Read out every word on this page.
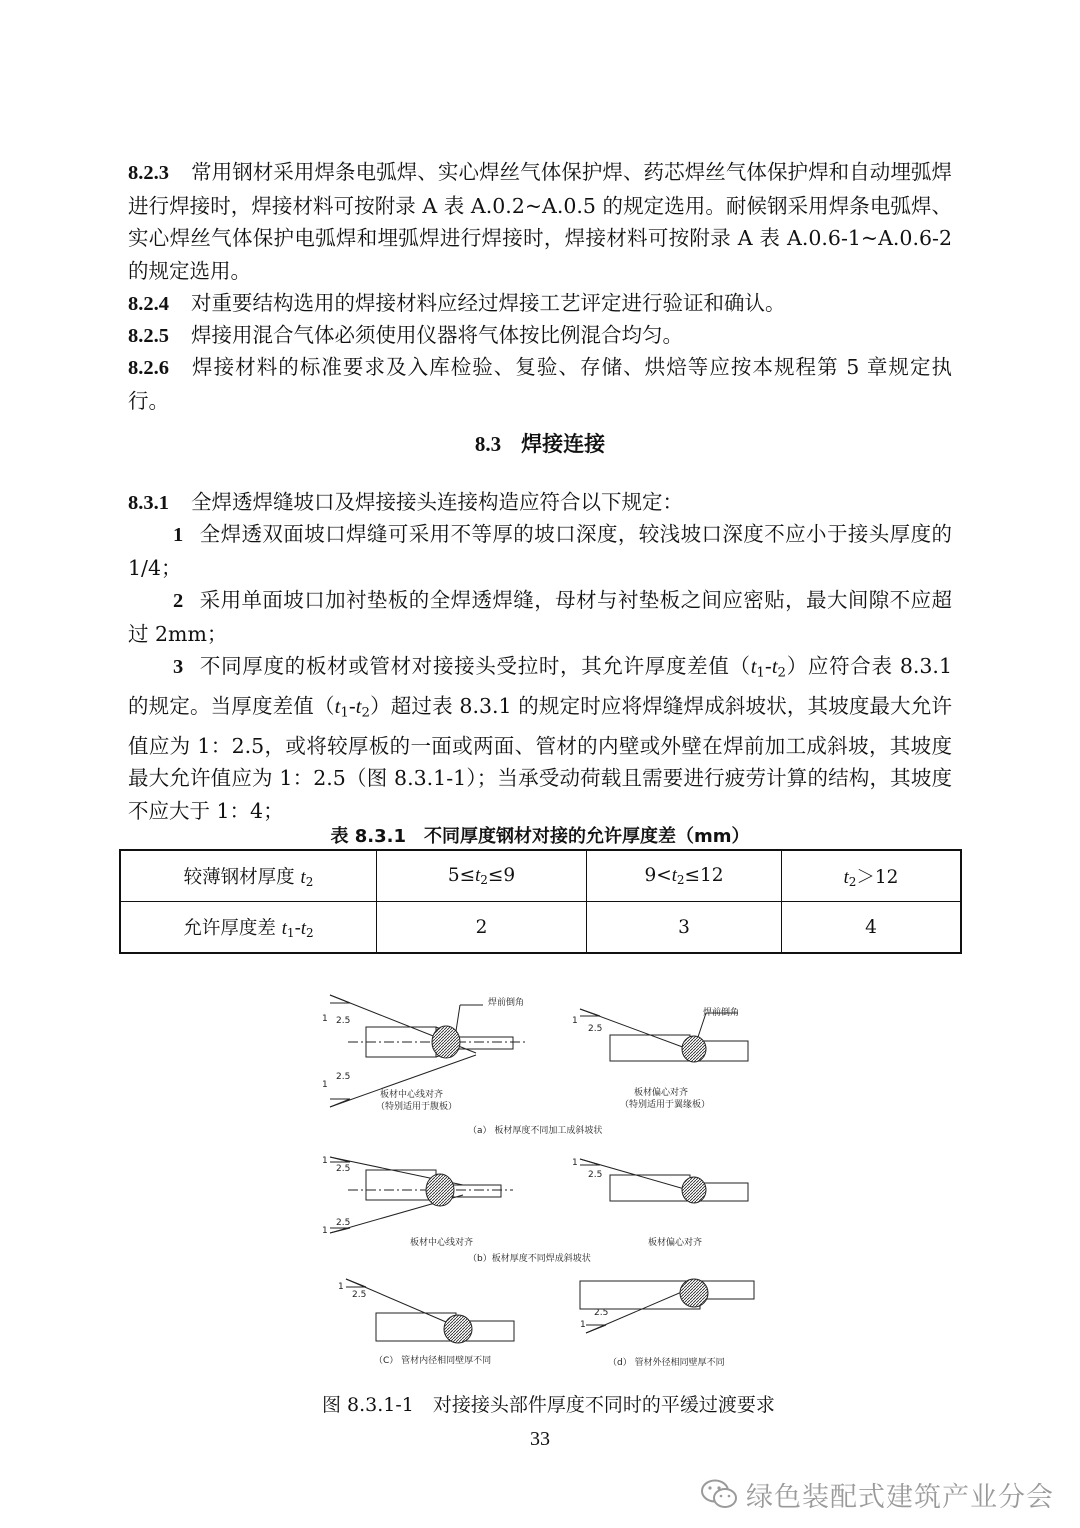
8.2.3 常用钢材采用焊条电弧焊、实心焊丝气体保护焊、药芯焊丝气体保护焊和自动埋弧焊进行焊接时，焊接材料可按附录 A 表 A.0.2~A.0.5 的规定选用。耐候钢采用焊条电弧焊、实心焊丝气体保护电弧焊和埋弧焊进行焊接时，焊接材料可按附录 A 表 A.0.6-1~A.0.6-2 的规定选用。

8.2.4 对重要结构选用的焊接材料应经过焊接工艺评定进行验证和确认。

8.2.5 焊接用混合气体必须使用仪器将气体按比例混合均匀。

8.2.6 焊接材料的标准要求及入库检验、复验、存储、烘焙等应按本规程第 5 章规定执行。

8.3 焊接连接

8.3.1 全焊透焊缝坡口及焊接接头连接构造应符合以下规定：

1 全焊透双面坡口焊缝可采用不等厚的坡口深度，较浅坡口深度不应小于接头厚度的 1/4；

2 采用单面坡口加衬垫板的全焊透焊缝，母材与衬垫板之间应密贴，最大间隙不应超过 2mm；

3 不同厚度的板材或管材对接接头受拉时，其允许厚度差值$(t_1-t_2)$应符合表 8.3.1 的规定。当厚度差值$(t_1-t_2)$超过表 8.3.1 的规定时应将焊缝焊成斜坡状，其坡度最大允许值应为 1：2.5，或将较厚板的一面或两面、管材的内壁或外壁在焊前加工成斜坡，其坡度最大允许值应为 1：2.5（图 8.3.1-1）；当承受动荷载且需要进行疲劳计算的结构，其坡度不应大于 1：4；

表 8.3.1　不同厚度钢材对接的允许厚度差（mm）
较薄钢材厚度 $t_2$	$5\le t_2\le 9$	$9<t_2\le 12$	$t_2>12$
允许厚度差 $t_1-t_2$	2	3	4
焊前倒角
焊前倒角
1 2.5
1
2.5
1
2.5
板材中心线对齐
（特别适用于腹板）
板材偏心对齐
（特别适用于翼缘板）
（a） 板材厚度不同加工成斜坡状
1
2.5
1
2.5
1
2.5
板材中心线对齐	板材偏心对齐
（b）板材厚度不同焊成斜坡状
1
2.5
1
2.5
（C） 管材内径相同壁厚不同	（d） 管材外径相同壁厚不同
图 8.3.1-1　对接接头部件厚度不同时的平缓过渡要求
33
绿色装配式建筑产业分会
